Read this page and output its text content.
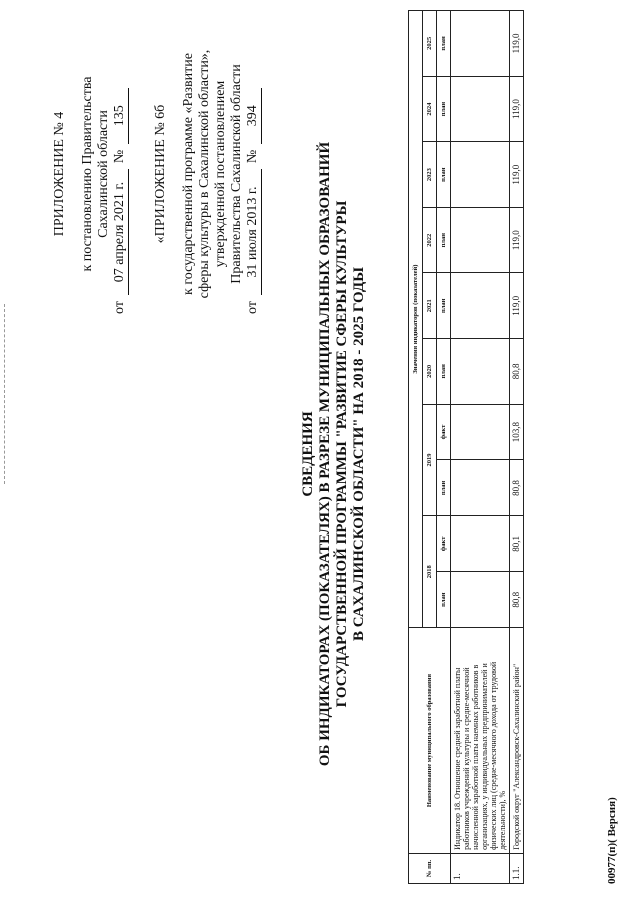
ПРИЛОЖЕНИЕ № 4 к постановлению Правительства Сахалинской области
от
07 апреля 2021 г.
№
135 «ПРИЛОЖЕНИЕ № 6б к государственной программе «Развитие сферы культуры в Сахалинской области», утвержденной постановлением Правительства Сахалинской области
от
31 июля 2013 г.
№
394
СВЕДЕНИЯ ОБ ИНДИКАТОРАХ (ПОКАЗАТЕЛЯХ) В РАЗРЕЗЕ МУНИЦИПАЛЬНЫХ ОБРАЗОВАНИЙ ГОСУДАРСТВЕННОЙ ПРОГРАММЫ "РАЗВИТИЕ СФЕРЫ КУЛЬТУРЫ В САХАЛИНСКОЙ ОБЛАСТИ" НА 2018 - 2025 ГОДЫ
№ пп.	Наименование муниципального образования	Значения индикаторов (показателей)									
		2018		2019		2020	2021	2022	2023	2024	2025
		план	факт	план	факт	план	план	план	план	план	план
1.	Индикатор 18. Отношение средней заработной платы работников учреждений культуры и средне-месячной начисленной заработной платы наемных работников в организациях, у индивидуальных предпринимателей и физических лиц (средне-месячного дохода от трудовой деятельности), %										
1.1.	Городской округ "Александровск-Сахалинский район"	80,8	80,1	80,8	103,8	80,8	119,0	119,0	119,0	119,0	119,0
00977(п)( Версия)
